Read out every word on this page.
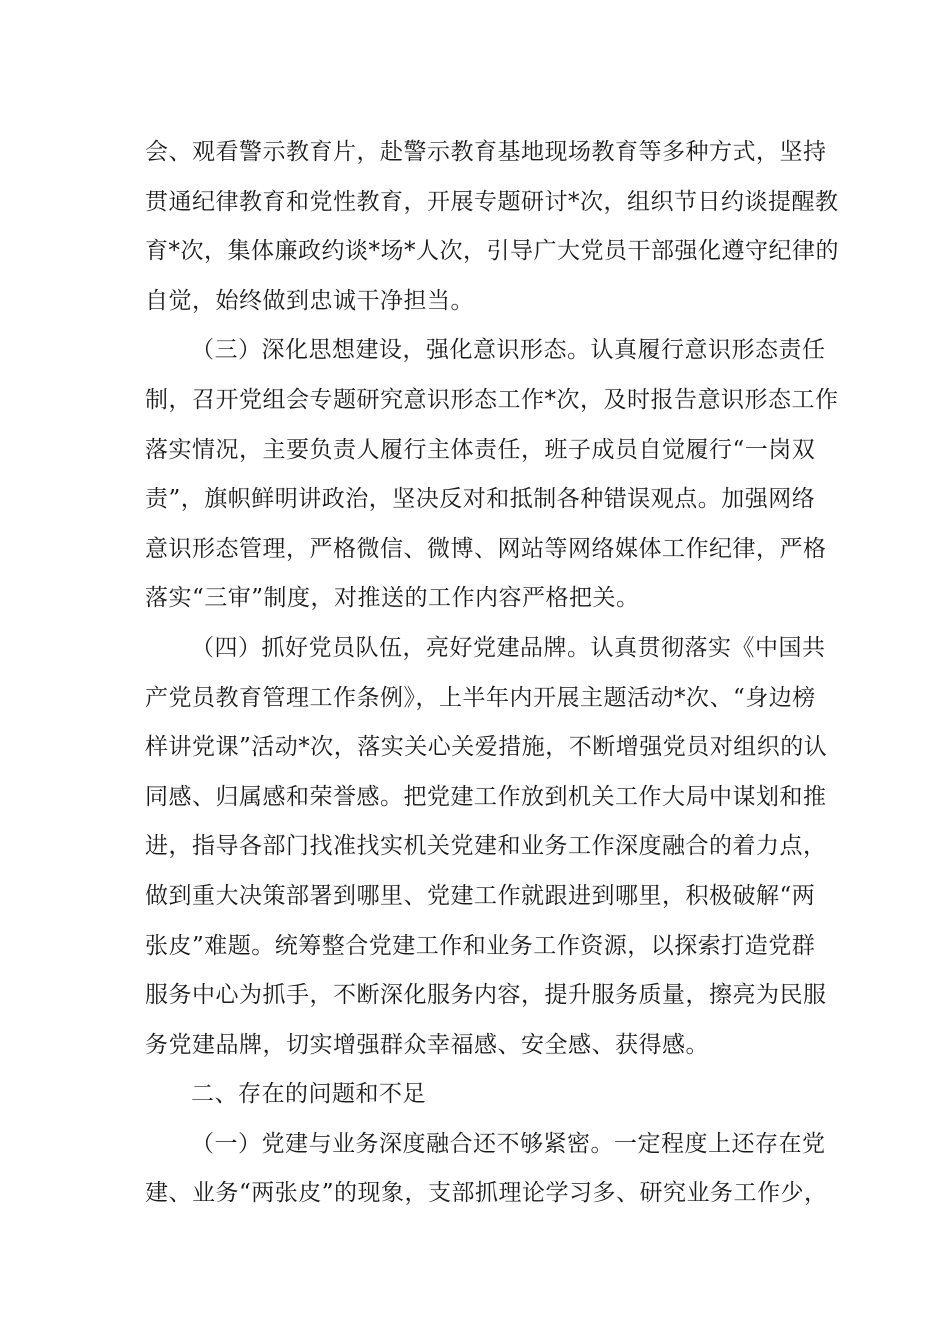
会、观看警示教育片，赴警示教育基地现场教育等多种方式，坚持
贯通纪律教育和党性教育，开展专题研讨*次，组织节日约谈提醒教
育*次，集体廉政约谈*场*人次，引导广大党员干部强化遵守纪律的
自觉，始终做到忠诚干净担当。
（三）深化思想建设，强化意识形态。认真履行意识形态责任
制，召开党组会专题研究意识形态工作*次，及时报告意识形态工作
落实情况，主要负责人履行主体责任，班子成员自觉履行“一岗双
责”，旗帜鲜明讲政治，坚决反对和抵制各种错误观点。加强网络
意识形态管理，严格微信、微博、网站等网络媒体工作纪律，严格
落实“三审”制度，对推送的工作内容严格把关。
（四）抓好党员队伍，亮好党建品牌。认真贯彻落实《中国共
产党员教育管理工作条例》，上半年内开展主题活动*次、“身边榜
样讲党课”活动*次，落实关心关爱措施，不断增强党员对组织的认
同感、归属感和荣誉感。把党建工作放到机关工作大局中谋划和推
进，指导各部门找准找实机关党建和业务工作深度融合的着力点，
做到重大决策部署到哪里、党建工作就跟进到哪里，积极破解“两
张皮”难题。统筹整合党建工作和业务工作资源，以探索打造党群
服务中心为抓手，不断深化服务内容，提升服务质量，擦亮为民服
务党建品牌，切实增强群众幸福感、安全感、获得感。
二、存在的问题和不足
（一）党建与业务深度融合还不够紧密。一定程度上还存在党
建、业务“两张皮”的现象，支部抓理论学习多、研究业务工作少，
